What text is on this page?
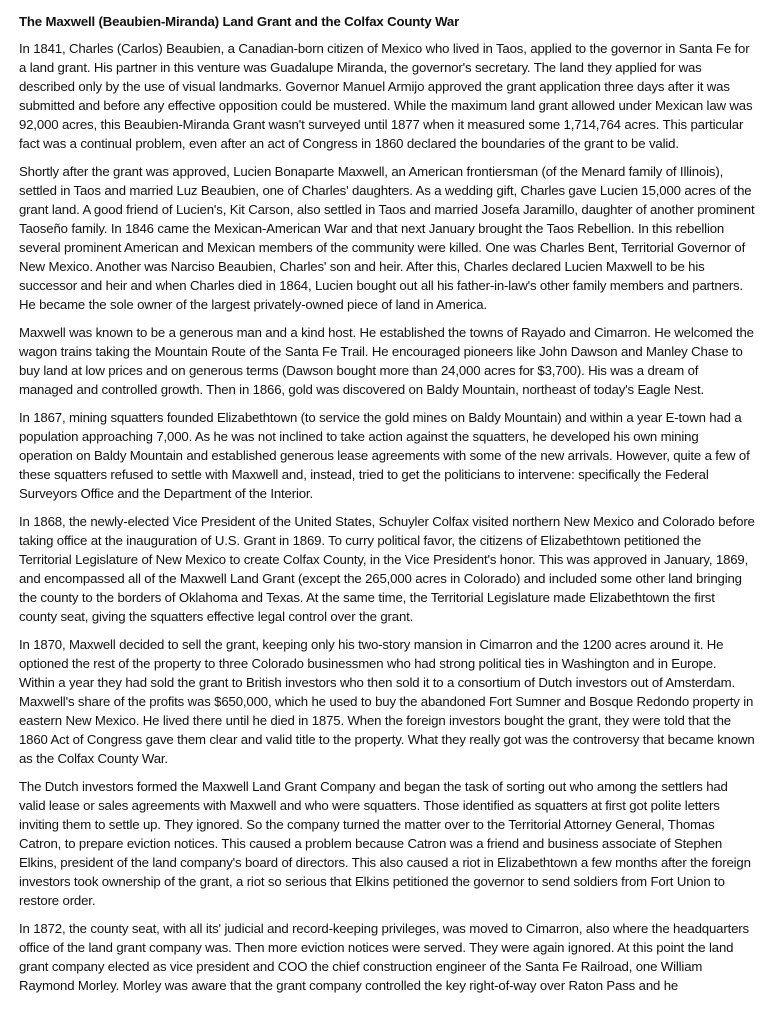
The Maxwell (Beaubien-Miranda) Land Grant and the Colfax County War

In 1841, Charles (Carlos) Beaubien, a Canadian-born citizen of Mexico who lived in Taos, applied to the governor in Santa Fe for a land grant. His partner in this venture was Guadalupe Miranda, the governor's secretary. The land they applied for was described only by the use of visual landmarks. Governor Manuel Armijo approved the grant application three days after it was submitted and before any effective opposition could be mustered. While the maximum land grant allowed under Mexican law was 92,000 acres, this Beaubien-Miranda Grant wasn't surveyed until 1877 when it measured some 1,714,764 acres. This particular fact was a continual problem, even after an act of Congress in 1860 declared the boundaries of the grant to be valid.

Shortly after the grant was approved, Lucien Bonaparte Maxwell, an American frontiersman (of the Menard family of Illinois), settled in Taos and married Luz Beaubien, one of Charles' daughters. As a wedding gift, Charles gave Lucien 15,000 acres of the grant land. A good friend of Lucien's, Kit Carson, also settled in Taos and married Josefa Jaramillo, daughter of another prominent Taoseño family. In 1846 came the Mexican-American War and that next January brought the Taos Rebellion. In this rebellion several prominent American and Mexican members of the community were killed. One was Charles Bent, Territorial Governor of New Mexico. Another was Narciso Beaubien, Charles' son and heir. After this, Charles declared Lucien Maxwell to be his successor and heir and when Charles died in 1864, Lucien bought out all his father-in-law's other family members and partners. He became the sole owner of the largest privately-owned piece of land in America.

Maxwell was known to be a generous man and a kind host. He established the towns of Rayado and Cimarron. He welcomed the wagon trains taking the Mountain Route of the Santa Fe Trail. He encouraged pioneers like John Dawson and Manley Chase to buy land at low prices and on generous terms (Dawson bought more than 24,000 acres for $3,700). His was a dream of managed and controlled growth. Then in 1866, gold was discovered on Baldy Mountain, northeast of today's Eagle Nest.

In 1867, mining squatters founded Elizabethtown (to service the gold mines on Baldy Mountain) and within a year E-town had a population approaching 7,000. As he was not inclined to take action against the squatters, he developed his own mining operation on Baldy Mountain and established generous lease agreements with some of the new arrivals. However, quite a few of these squatters refused to settle with Maxwell and, instead, tried to get the politicians to intervene: specifically the Federal Surveyors Office and the Department of the Interior.

In 1868, the newly-elected Vice President of the United States, Schuyler Colfax visited northern New Mexico and Colorado before taking office at the inauguration of U.S. Grant in 1869. To curry political favor, the citizens of Elizabethtown petitioned the Territorial Legislature of New Mexico to create Colfax County, in the Vice President's honor. This was approved in January, 1869, and encompassed all of the Maxwell Land Grant (except the 265,000 acres in Colorado) and included some other land bringing the county to the borders of Oklahoma and Texas. At the same time, the Territorial Legislature made Elizabethtown the first county seat, giving the squatters effective legal control over the grant.

In 1870, Maxwell decided to sell the grant, keeping only his two-story mansion in Cimarron and the 1200 acres around it. He optioned the rest of the property to three Colorado businessmen who had strong political ties in Washington and in Europe. Within a year they had sold the grant to British investors who then sold it to a consortium of Dutch investors out of Amsterdam. Maxwell's share of the profits was $650,000, which he used to buy the abandoned Fort Sumner and Bosque Redondo property in eastern New Mexico. He lived there until he died in 1875. When the foreign investors bought the grant, they were told that the 1860 Act of Congress gave them clear and valid title to the property. What they really got was the controversy that became known as the Colfax County War.

The Dutch investors formed the Maxwell Land Grant Company and began the task of sorting out who among the settlers had valid lease or sales agreements with Maxwell and who were squatters. Those identified as squatters at first got polite letters inviting them to settle up. They ignored. So the company turned the matter over to the Territorial Attorney General, Thomas Catron, to prepare eviction notices. This caused a problem because Catron was a friend and business associate of Stephen Elkins, president of the land company's board of directors. This also caused a riot in Elizabethtown a few months after the foreign investors took ownership of the grant, a riot so serious that Elkins petitioned the governor to send soldiers from Fort Union to restore order.

In 1872, the county seat, with all its' judicial and record-keeping privileges, was moved to Cimarron, also where the headquarters office of the land grant company was. Then more eviction notices were served. They were again ignored. At this point the land grant company elected as vice president and COO the chief construction engineer of the Santa Fe Railroad, one William Raymond Morley. Morley was aware that the grant company controlled the key right-of-way over Raton Pass and he
